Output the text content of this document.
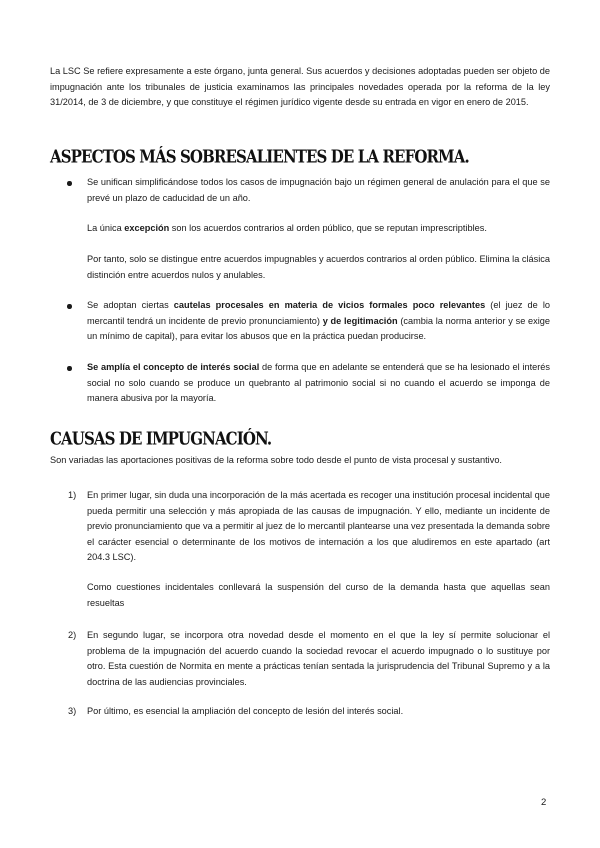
La LSC Se refiere expresamente a este órgano, junta general. Sus acuerdos y decisiones adoptadas pueden ser objeto de impugnación ante los tribunales de justicia examinamos las principales novedades operada por la reforma de la ley 31/2014, de 3 de diciembre, y que constituye el régimen jurídico vigente desde su entrada en vigor en enero de 2015.

ASPECTOS MÁS SOBRESALIENTES DE LA REFORMA.

Se unifican simplificándose todos los casos de impugnación bajo un régimen general de anulación para el que se prevé un plazo de caducidad de un año.

La única excepción son los acuerdos contrarios al orden público, que se reputan imprescriptibles.

Por tanto, solo se distingue entre acuerdos impugnables y acuerdos contrarios al orden público. Elimina la clásica distinción entre acuerdos nulos y anulables.

Se adoptan ciertas cautelas procesales en materia de vicios formales poco relevantes (el juez de lo mercantil tendrá un incidente de previo pronunciamiento) y de legitimación (cambia la norma anterior y se exige un mínimo de capital), para evitar los abusos que en la práctica puedan producirse.

Se amplía el concepto de interés social de forma que en adelante se entenderá que se ha lesionado el interés social no solo cuando se produce un quebranto al patrimonio social si no cuando el acuerdo se imponga de manera abusiva por la mayoría.

CAUSAS DE IMPUGNACIÓN.

Son variadas las aportaciones positivas de la reforma sobre todo desde el punto de vista procesal y sustantivo.

1) En primer lugar, sin duda una incorporación de la más acertada es recoger una institución procesal incidental que pueda permitir una selección y más apropiada de las causas de impugnación. Y ello, mediante un incidente de previo pronunciamiento que va a permitir al juez de lo mercantil plantearse una vez presentada la demanda sobre el carácter esencial o determinante de los motivos de internación a los que aludiremos en este apartado (art 204.3 LSC).

Como cuestiones incidentales conllevará la suspensión del curso de la demanda hasta que aquellas sean resueltas

2) En segundo lugar, se incorpora otra novedad desde el momento en el que la ley sí permite solucionar el problema de la impugnación del acuerdo cuando la sociedad revocar el acuerdo impugnado o lo sustituye por otro. Esta cuestión de Normita en mente a prácticas tenían sentada la jurisprudencia del Tribunal Supremo y a la doctrina de las audiencias provinciales.

3) Por último, es esencial la ampliación del concepto de lesión del interés social.

2
